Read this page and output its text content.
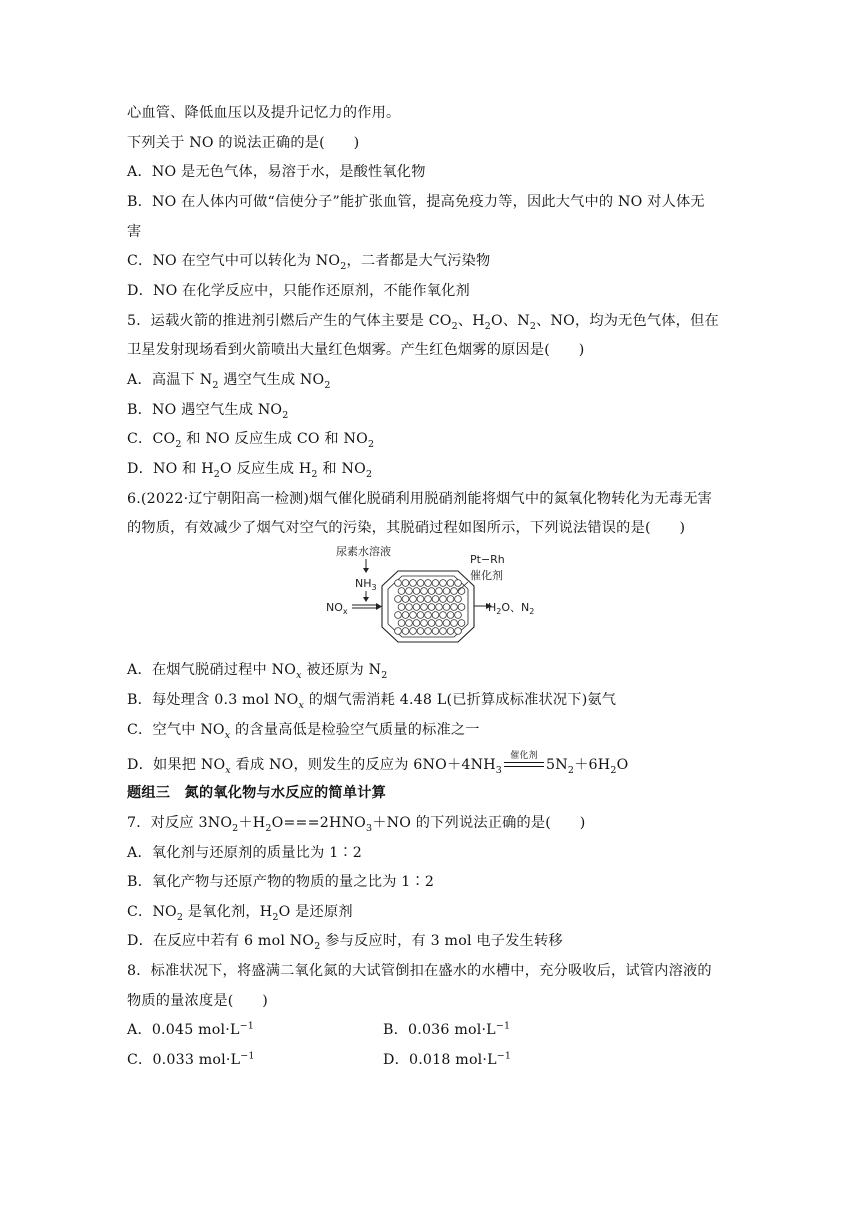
心血管、降低血压以及提升记忆力的作用。
下列关于 NO 的说法正确的是(　　)
A．NO 是无色气体，易溶于水，是酸性氧化物
B．NO 在人体内可做“信使分子”能扩张血管，提高免疫力等，因此大气中的 NO 对人体无
害
C．NO 在空气中可以转化为 $NO_2$，二者都是大气污染物
D．NO 在化学反应中，只能作还原剂，不能作氧化剂
5．运载火箭的推进剂引燃后产生的气体主要是 $CO_2$、$H_2O$、$N_2$、NO，均为无色气体，但在
卫星发射现场看到火箭喷出大量红色烟雾。产生红色烟雾的原因是(　　)
A．高温下 $N_2$ 遇空气生成 $NO_2$
B．NO 遇空气生成 $NO_2$
C．$CO_2$ 和 NO 反应生成 CO 和 $NO_2$
D．NO 和 $H_2O$ 反应生成 $H_2$ 和 $NO_2$
6.(2022·辽宁朝阳高一检测)烟气催化脱硝利用脱硝剂能将烟气中的氮氧化物转化为无毒无害
的物质，有效减少了烟气对空气的污染，其脱硝过程如图所示，下列说法错误的是(　　)
尿素水溶液
$NH_3$
$NO_x$
Pt−Rh
催化剂
$H_2O$、$N_2$
A．在烟气脱硝过程中 $NO_x$ 被还原为 $N_2$
B．每处理含 0.3 mol $NO_x$ 的烟气需消耗 4.48 L(已折算成标准状况下)氨气
C．空气中 $NO_x$ 的含量高低是检验空气质量的标准之一
D．如果把 $NO_x$ 看成 NO，则发生的反应为 $6NO+4NH_3$
催化剂
$5N_2+6H_2O$
题组三　氮的氧化物与水反应的简单计算
7．对反应 $3NO_2+H_2O===2HNO_3+NO$ 的下列说法正确的是(　　)
A．氧化剂与还原剂的质量比为 1∶2
B．氧化产物与还原产物的物质的量之比为 1∶2
C．$NO_2$ 是氧化剂，$H_2O$ 是还原剂
D．在反应中若有 6 mol $NO_2$ 参与反应时，有 3 mol 电子发生转移
8．标准状况下，将盛满二氧化氮的大试管倒扣在盛水的水槽中，充分吸收后，试管内溶液的
物质的量浓度是(　　)
A．0.045 $mol\cdot L^{-1}$	B．0.036 $mol\cdot L^{-1}$
C．0.033 $mol\cdot L^{-1}$	D．0.018 $mol\cdot L^{-1}$
